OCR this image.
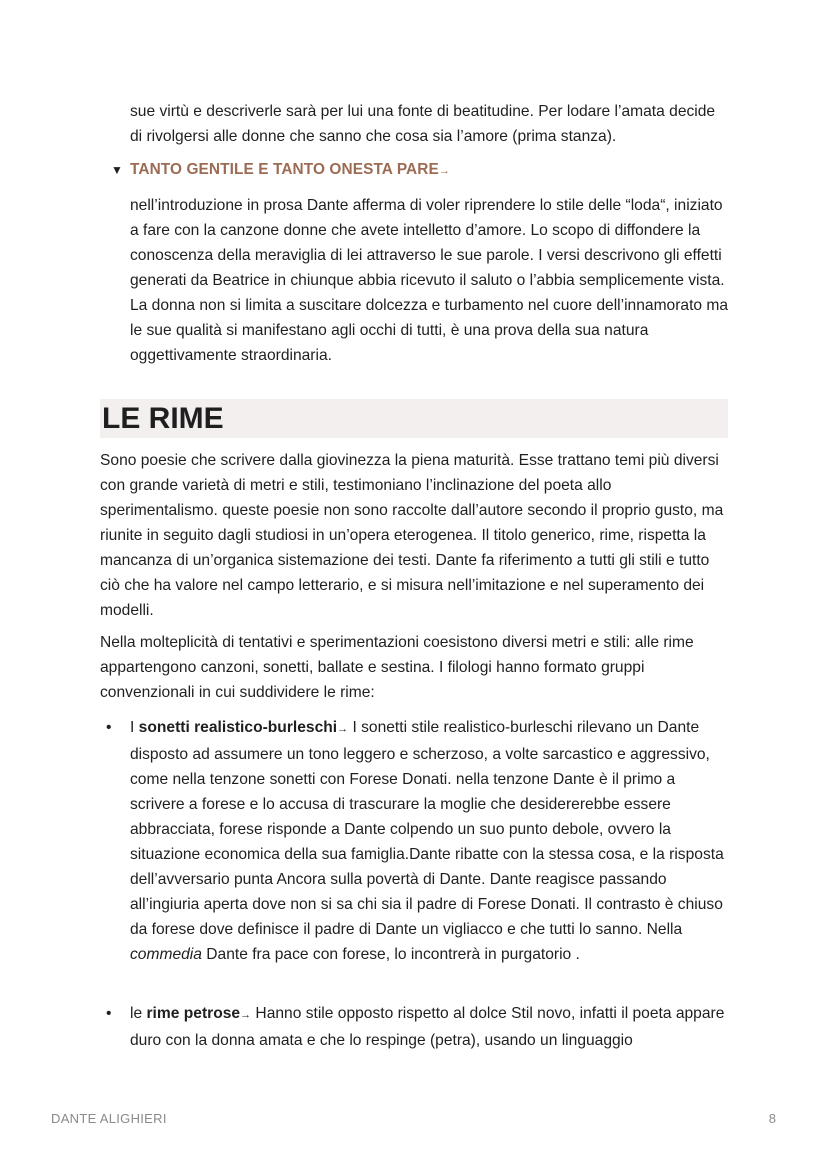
sue virtù e descriverle sarà per lui una fonte di beatitudine. Per lodare l’amata decide di rivolgersi alle donne che sanno che cosa sia l’amore (prima stanza).

▼ TANTO GENTILE E TANTO ONESTA PARE→

nell’introduzione in prosa Dante afferma di voler riprendere lo stile delle “loda“, iniziato a fare con la canzone donne che avete intelletto d’amore. Lo scopo di diffondere la conoscenza della meraviglia di lei attraverso le sue parole. I versi descrivono gli effetti generati da Beatrice in chiunque abbia ricevuto il saluto o l’abbia semplicemente vista. La donna non si limita a suscitare dolcezza e turbamento nel cuore dell’innamorato ma le sue qualità si manifestano agli occhi di tutti, è una prova della sua natura oggettivamente straordinaria.

LE RIME

Sono poesie che scrivere dalla giovinezza la piena maturità. Esse trattano temi più diversi con grande varietà di metri e stili, testimoniano l’inclinazione del poeta allo sperimentalismo. queste poesie non sono raccolte dall’autore secondo il proprio gusto, ma riunite in seguito dagli studiosi in un’opera eterogenea. Il titolo generico, rime, rispetta la mancanza di un’organica sistemazione dei testi. Dante fa riferimento a tutti gli stili e tutto ciò che ha valore nel campo letterario, e si misura nell’imitazione e nel superamento dei modelli.

Nella molteplicità di tentativi e sperimentazioni coesistono diversi metri e stili: alle rime appartengono canzoni, sonetti, ballate e sestina. I filologi hanno formato gruppi convenzionali in cui suddividere le rime:

•	I sonetti realistico-burleschi→ I sonetti stile realistico-burleschi rilevano un Dante disposto ad assumere un tono leggero e scherzoso, a volte sarcastico e aggressivo, come nella tenzone sonetti con Forese Donati. nella tenzone Dante è il primo a scrivere a forese e lo accusa di trascurare la moglie che desidererebbe essere abbracciata, forese risponde a Dante colpendo un suo punto debole, ovvero la situazione economica della sua famiglia.Dante ribatte con la stessa cosa, e la risposta dell’avversario punta Ancora sulla povertà di Dante. Dante reagisce passando all’ingiuria aperta dove non si sa chi sia il padre di Forese Donati. Il contrasto è chiuso da forese dove definisce il padre di Dante un vigliacco e che tutti lo sanno. Nella commedia Dante fra pace con forese, lo incontrerà in purgatorio .

•	le rime petrose→ Hanno stile opposto rispetto al dolce Stil novo, infatti il poeta appare duro con la donna amata e che lo respinge (petra), usando un linguaggio

DANTE ALIGHIERI	8
